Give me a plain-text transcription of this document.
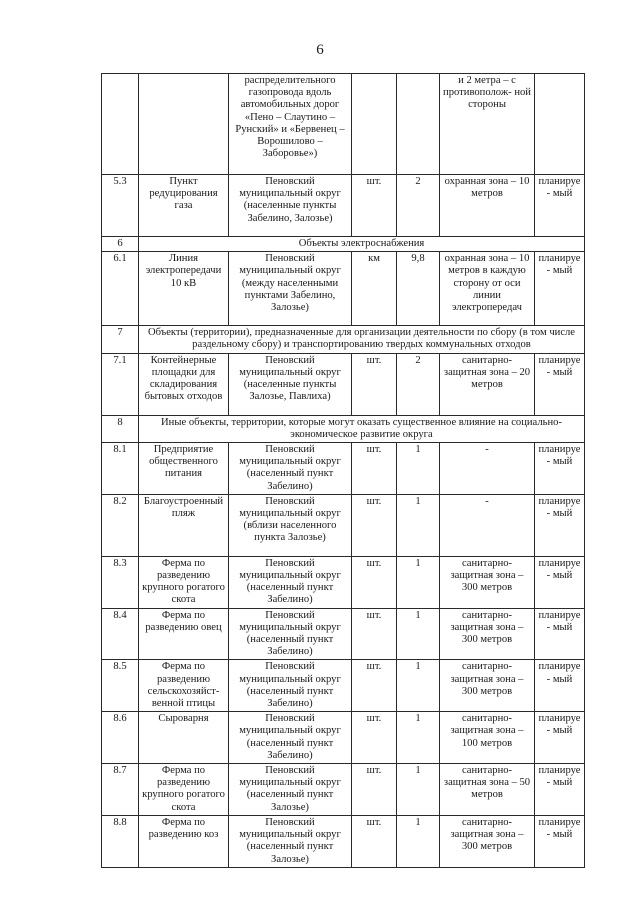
6
		распределительного газопровода вдоль автомобильных дорог «Пено – Слаутино – Рунский» и «Бервенец – Ворошилово – Заборовье»)			и 2 метра – с противополож- ной стороны	
5.3	Пункт редуцирования газа	Пеновский муниципальный округ (населенные пункты Забелино, Залозье)	шт.	2	охранная зона – 10 метров	планируе- мый
6	Объекты электроснабжения					
6.1	Линия электропередачи 10 кВ	Пеновский муниципальный округ (между населенными пунктами Забелино, Залозье)	км	9,8	охранная зона – 10 метров в каждую сторону от оси линии электропередач	планируе- мый
7	Объекты (территории), предназначенные для организации деятельности по сбору (в том числе раздельному сбору) и транспортированию твердых коммунальных отходов					
7.1	Контейнерные площадки для складирования бытовых отходов	Пеновский муниципальный округ (населенные пункты Залозье, Павлиха)	шт.	2	санитарно- защитная зона – 20 метров	планируе- мый
8	Иные объекты, территории, которые могут оказать существенное влияние на социально- экономическое развитие округа					
8.1	Предприятие общественного питания	Пеновский муниципальный округ (населенный пункт Забелино)	шт.	1	-	планируе- мый
8.2	Благоустроенный пляж	Пеновский муниципальный округ (вблизи населенного пункта Залозье)	шт.	1	-	планируе- мый
8.3	Ферма по разведению крупного рогатого скота	Пеновский муниципальный округ (населенный пункт Забелино)	шт.	1	санитарно- защитная зона – 300 метров	планируе- мый
8.4	Ферма по разведению овец	Пеновский муниципальный округ (населенный пункт Забелино)	шт.	1	санитарно- защитная зона – 300 метров	планируе- мый
8.5	Ферма по разведению сельскохозяйст- венной птицы	Пеновский муниципальный округ (населенный пункт Забелино)	шт.	1	санитарно- защитная зона – 300 метров	планируе- мый
8.6	Сыроварня	Пеновский муниципальный округ (населенный пункт Забелино)	шт.	1	санитарно- защитная зона – 100 метров	планируе- мый
8.7	Ферма по разведению крупного рогатого скота	Пеновский муниципальный округ (населенный пункт Залозье)	шт.	1	санитарно- защитная зона – 50 метров	планируе- мый
8.8	Ферма по разведению коз	Пеновский муниципальный округ (населенный пункт Залозье)	шт.	1	санитарно- защитная зона – 300 метров	планируе- мый
